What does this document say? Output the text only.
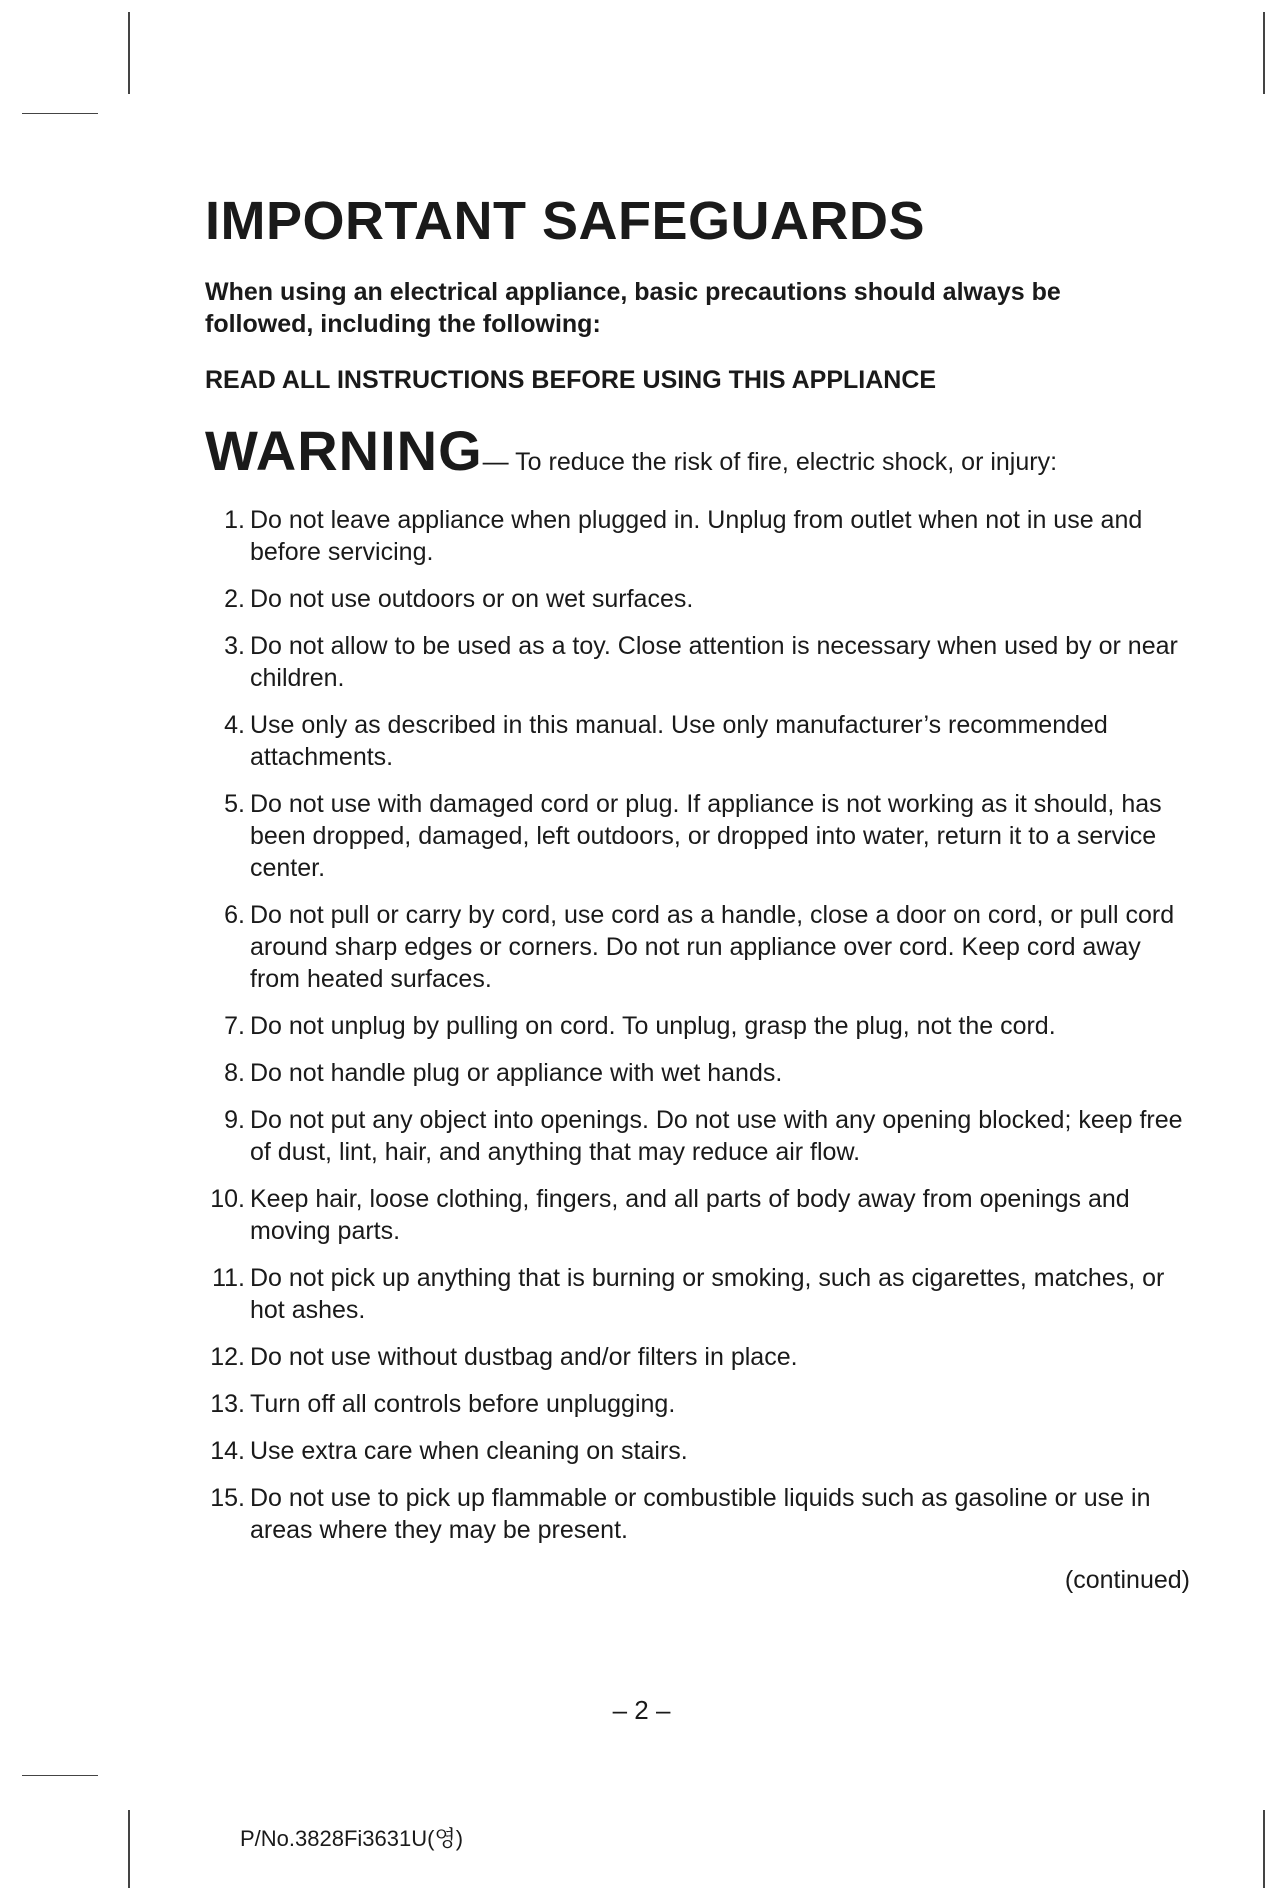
IMPORTANT SAFEGUARDS

When using an electrical appliance, basic precautions should always be followed, including the following:

READ ALL INSTRUCTIONS BEFORE USING THIS APPLIANCE

WARNING— To reduce the risk of fire, electric shock, or injury:
1. Do not leave appliance when plugged in. Unplug from outlet when not in use and before servicing.
2. Do not use outdoors or on wet surfaces.
3. Do not allow to be used as a toy. Close attention is necessary when used by or near children.
4. Use only as described in this manual. Use only manufacturer’s recommended attachments.
5. Do not use with damaged cord or plug. If appliance is not working as it should, has been dropped, damaged, left outdoors, or dropped into water, return it to a service center.
6. Do not pull or carry by cord, use cord as a handle, close a door on cord, or pull cord around sharp edges or corners. Do not run appliance over cord. Keep cord away from heated surfaces.
7. Do not unplug by pulling on cord. To unplug, grasp the plug, not the cord.
8. Do not handle plug or appliance with wet hands.
9. Do not put any object into openings. Do not use with any opening blocked; keep free of dust, lint, hair, and anything that may reduce air flow.
10. Keep hair, loose clothing, fingers, and all parts of body away from openings and moving parts.
11. Do not pick up anything that is burning or smoking, such as cigarettes, matches, or hot ashes.
12. Do not use without dustbag and/or filters in place.
13. Turn off all controls before unplugging.
14. Use extra care when cleaning on stairs.
15. Do not use to pick up flammable or combustible liquids such as gasoline or use in areas where they may be present.
(continued)
– 2 –
P/No.3828Fi3631U(영)
